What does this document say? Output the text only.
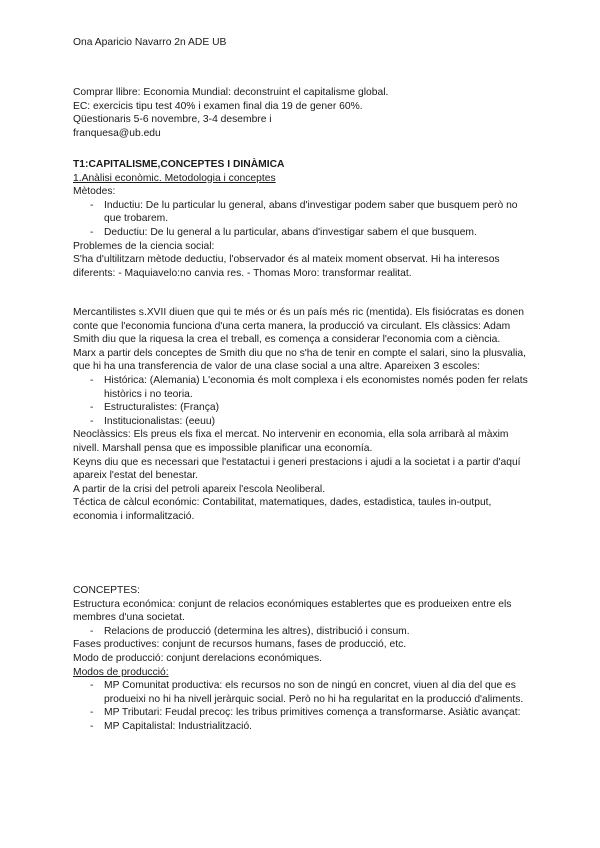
Ona Aparicio Navarro 2n ADE UB

Comprar llibre: Economia Mundial: deconstruint el capitalisme global.

EC: exercicis tipu test 40% i examen final dia 19 de gener 60%.

Qüestionaris 5-6 novembre, 3-4 desembre i

franquesa@ub.edu

T1:CAPITALISME,CONCEPTES I DINÀMICA

1.Anàlisi econòmic. Metodologia i conceptes

Mètodes:

- Inductiu: De lu particular lu general, abans d'investigar podem saber que busquem però no que trobarem.
- Deductiu: De lu general a lu particular, abans d'investigar sabem el que busquem.

Problemes de la ciencia social:

S'ha d'ultilitzarn mètode deductiu, l'observador és al mateix moment observat. Hi ha interesos diferents: - Maquiavelo:no canvia res. - Thomas Moro: transformar realitat.

Mercantilistes s.XVII diuen que qui te més or és un país més ric (mentida). Els fisiócratas es donen conte que l'economia funciona d'una certa manera, la producció va circulant. Els clàssics: Adam Smith diu que la riquesa la crea el treball, es comença a considerar l'economia com a ciència.

Marx a partir dels conceptes de Smith diu que no s'ha de tenir en compte el salari, sino la plusvalia, que hi ha una transferencia de valor de una clase social a una altre. Apareixen 3 escoles:

- Histórica: (Alemania) L'economia és molt complexa i els economistes només poden fer relats històrics i no teoria.
- Estructuralistes: (França)
- Institucionalistas: (eeuu)

Neoclàssics: Els preus els fixa el mercat. No intervenir en economia, ella sola arribarà al màxim nivell. Marshall pensa que es impossible planificar una economía.

Keyns diu que es necessari que l'estatactui i generi prestacions i ajudi a la societat i a partir d'aquí apareix l'estat del benestar.

A partir de la crisi del petroli apareix l'escola Neoliberal.

Téctica de càlcul económic: Contabilitat, matematiques, dades, estadistica, taules in-output, economia i informalització.

CONCEPTES:

Estructura económica: conjunt de relacios económiques establertes que es produeixen entre els membres d'una societat.

- Relacions de producció (determina les altres), distribució i consum.

Fases productives: conjunt de recursos humans, fases de producció, etc.

Modo de producció: conjunt derelacions económiques.

Modos de producció:

- MP Comunitat productiva: els recursos no son de ningú en concret, viuen al dia del que es produeixi no hi ha nivell jeràrquic social. Però no hi ha regularitat en la producció d'aliments.
- MP Tributari: Feudal precoç: les tribus primitives comença a transformarse. Asiàtic avançat:
- MP Capitalistal: Industrialització.
